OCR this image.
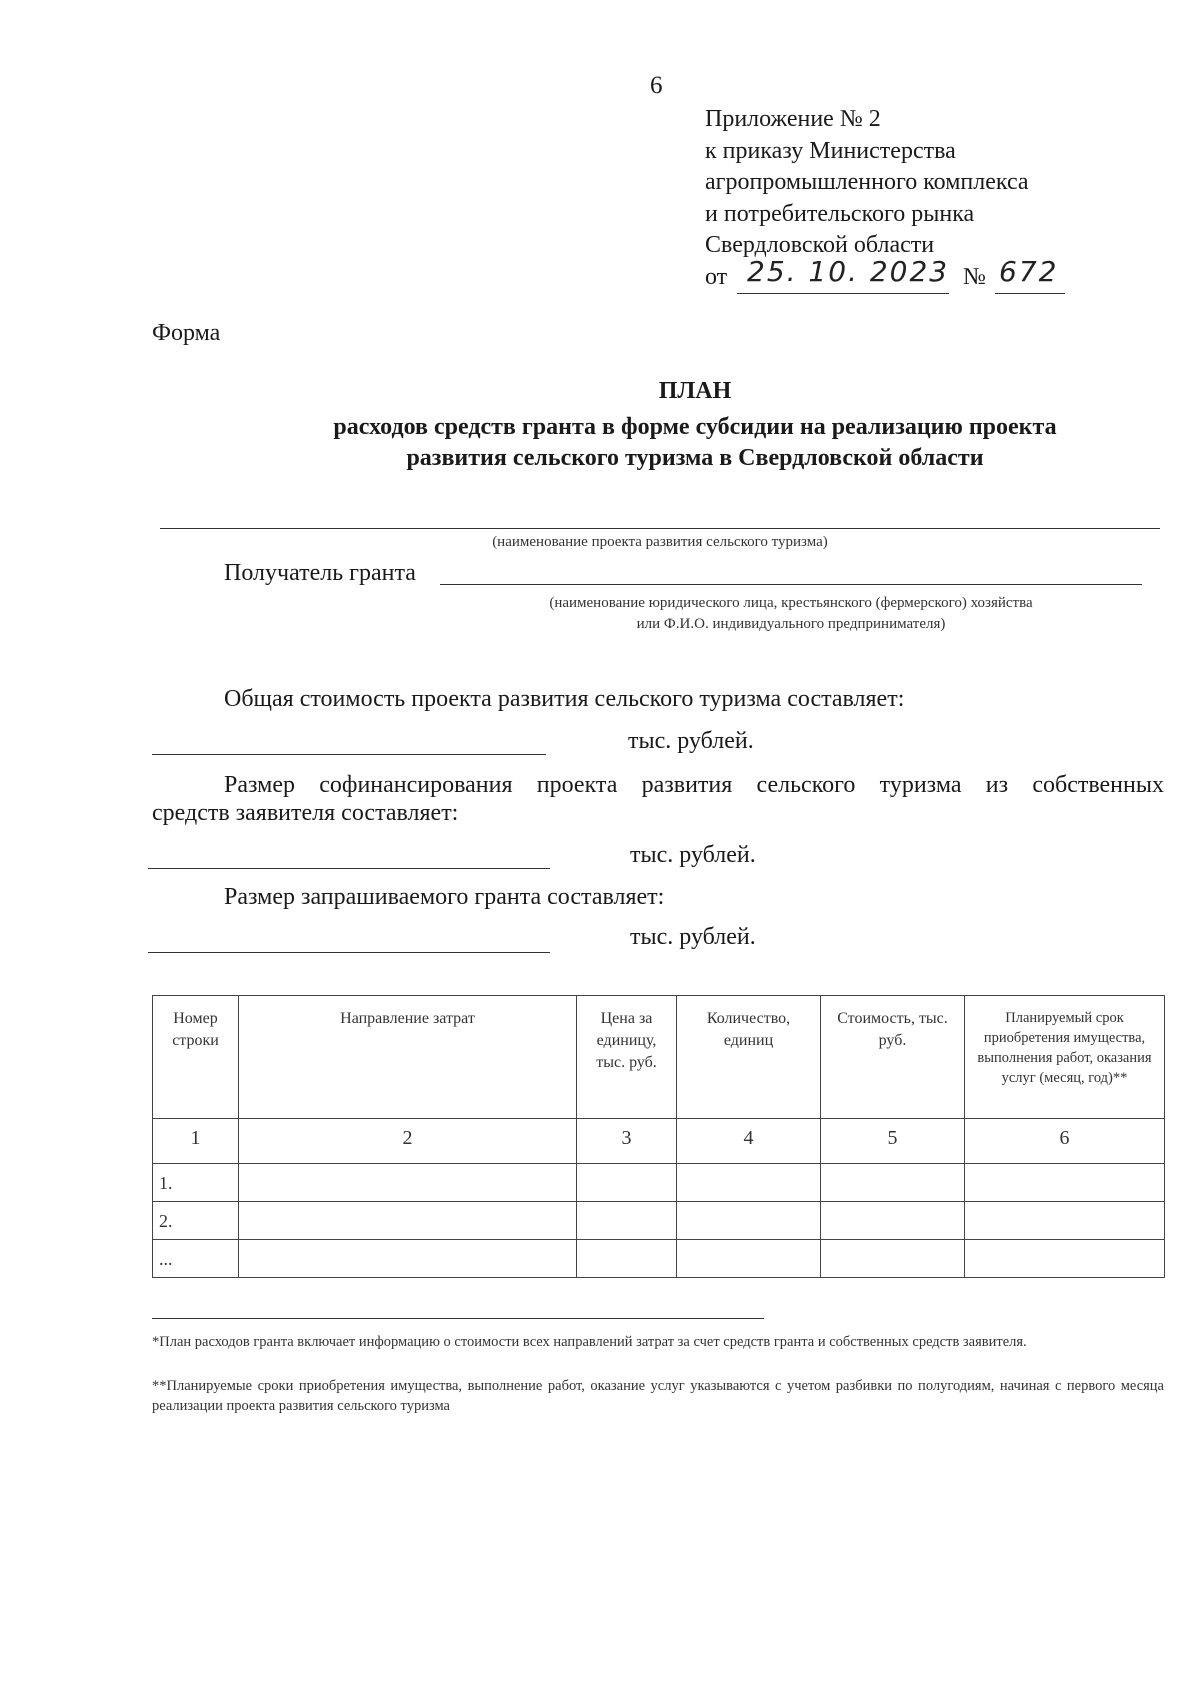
6
Приложение № 2
к приказу Министерства
агропромышленного комплекса
и потребительского рынка
Свердловской области
от 25. 10. 2023 № 672
Форма
ПЛАН
расходов средств гранта в форме субсидии на реализацию проекта
развития сельского туризма в Свердловской области
(наименование проекта развития сельского туризма)
Получатель гранта
(наименование юридического лица, крестьянского (фермерского) хозяйства
или Ф.И.О. индивидуального предпринимателя)
Общая стоимость проекта развития сельского туризма составляет:
тыс. рублей.
Размер софинансирования проекта развития сельского туризма из собственных
средств заявителя составляет:
тыс. рублей.
Размер запрашиваемого гранта составляет:
тыс. рублей.
Номер строки	Направление затрат	Цена за единицу, тыс. руб.	Количество, единиц	Стоимость, тыс. руб.	Планируемый срок приобретения имущества, выполнения работ, оказания услуг (месяц, год)**
1	2	3	4	5	6
1.					
2.					
...					
*План расходов гранта включает информацию о стоимости всех направлений затрат за счет средств гранта и собственных средств заявителя.
**Планируемые сроки приобретения имущества, выполнение работ, оказание услуг указываются с учетом разбивки по полугодиям, начиная с первого месяца реализации проекта развития сельского туризма
